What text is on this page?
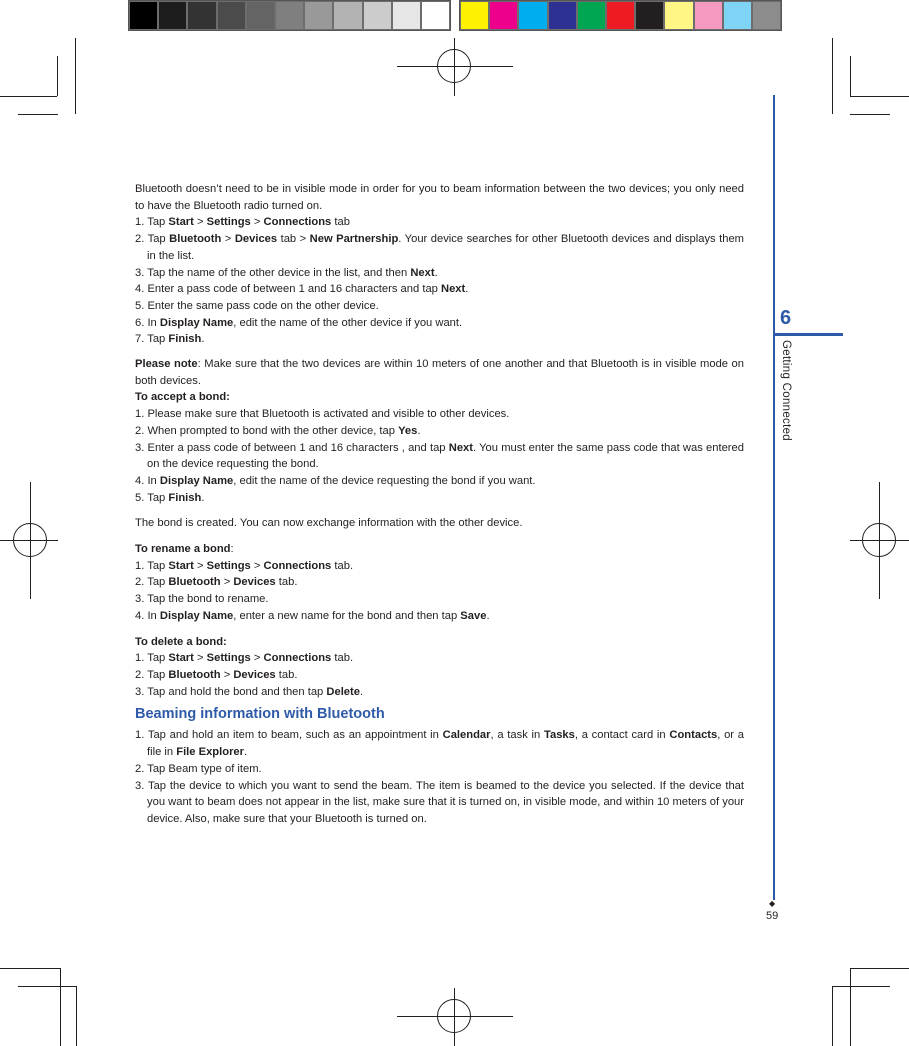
6
Getting Connected
◆
59

Bluetooth doesn’t need to be in visible mode in order for you to beam information between the two devices; you only need to have the Bluetooth radio turned on.

1. Tap Start > Settings > Connections tab

2. Tap Bluetooth > Devices tab > New Partnership. Your device searches for other Bluetooth devices and displays them in the list.

3. Tap the name of the other device in the list, and then Next.

4. Enter a pass code of between 1 and 16 characters and tap Next.

5. Enter the same pass code on the other device.

6. In Display Name, edit the name of the other device if you want.

7. Tap Finish.

Please note: Make sure that the two devices are within 10 meters of one another and that Bluetooth is in visible mode on both devices.

To accept a bond:

1. Please make sure that Bluetooth is activated and visible to other devices.

2. When prompted to bond with the other device, tap Yes.

3. Enter a pass code of between 1 and 16 characters , and tap Next. You must enter the same pass code that was entered on the device requesting the bond.

4. In Display Name, edit the name of the device requesting the bond if you want.

5. Tap Finish.

The bond is created. You can now exchange information with the other device.

To rename a bond:

1. Tap Start > Settings > Connections tab.

2. Tap Bluetooth > Devices tab.

3. Tap the bond to rename.

4. In Display Name, enter a new name for the bond and then tap Save.

To delete a bond:

1. Tap Start > Settings > Connections tab.

2. Tap Bluetooth > Devices tab.

3. Tap and hold the bond and then tap Delete.

Beaming information with Bluetooth

1. Tap and hold an item to beam, such as an appointment in Calendar, a task in Tasks, a contact card in Contacts, or a file in File Explorer.

2. Tap Beam type of item.

3. Tap the device to which you want to send the beam. The item is beamed to the device you selected. If the device that you want to beam does not appear in the list, make sure that it is turned on, in visible mode, and within 10 meters of your device. Also, make sure that your Bluetooth is turned on.
